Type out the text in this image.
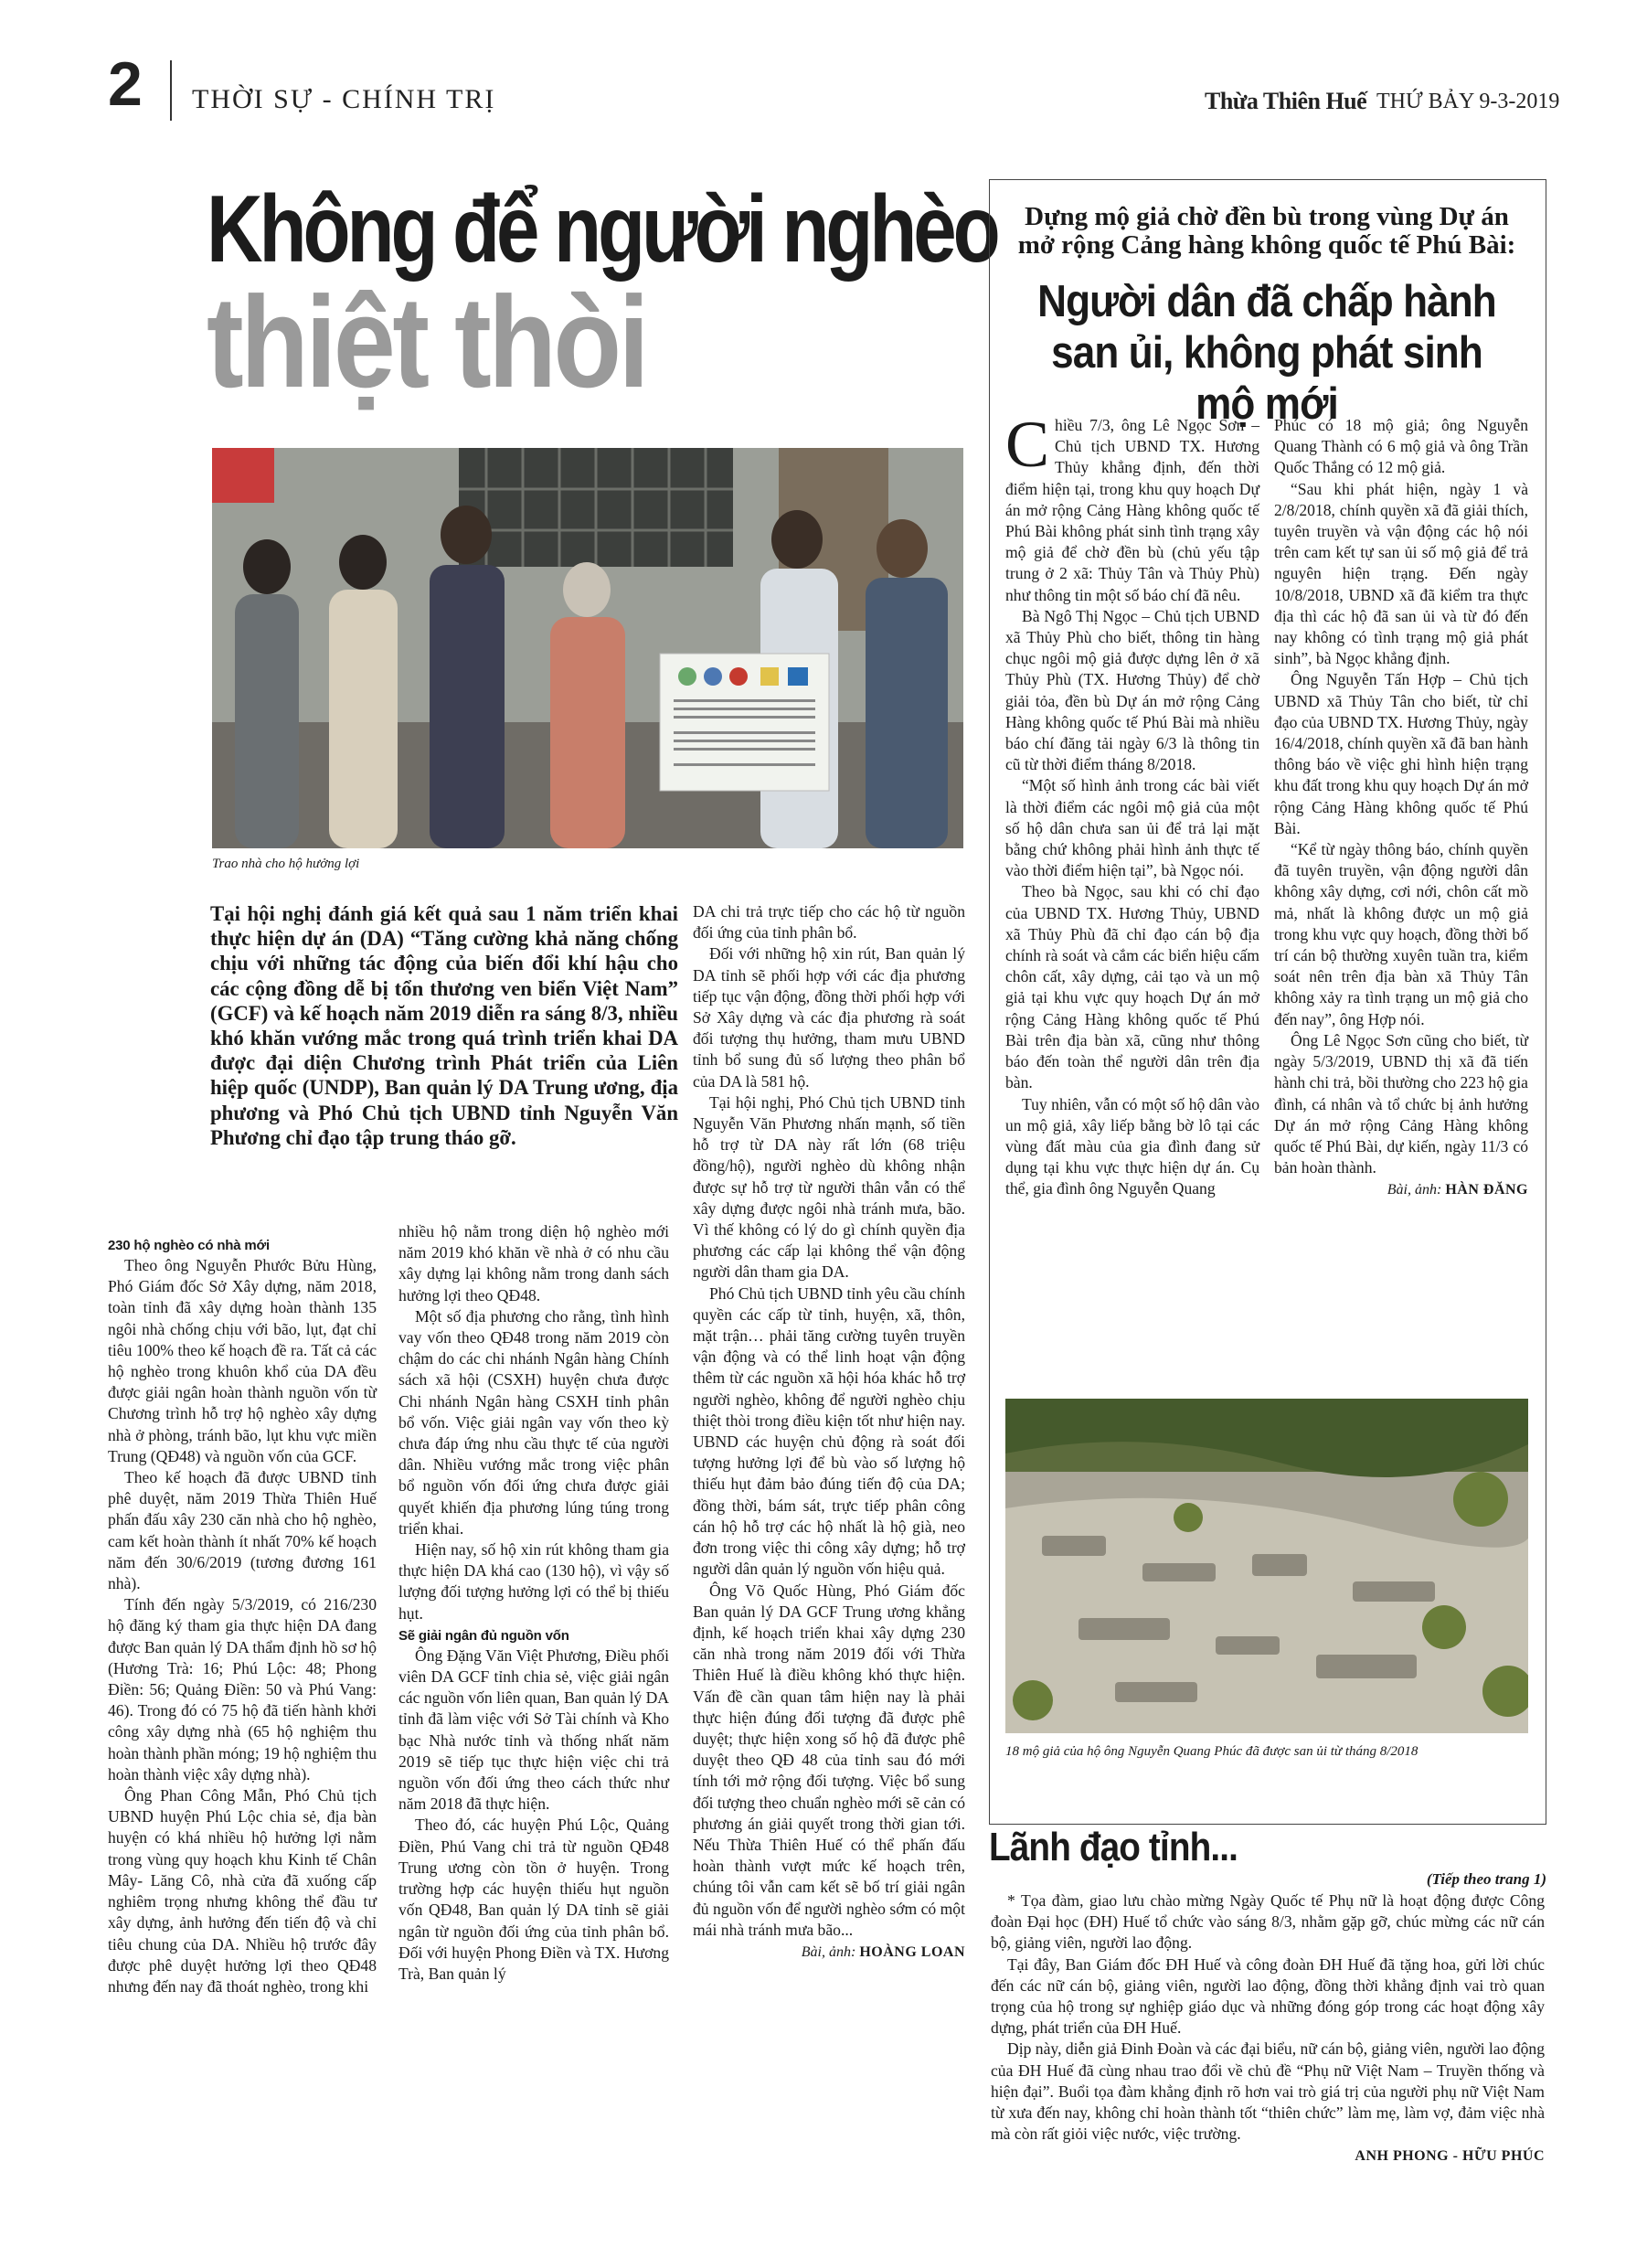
2 THỜI SỰ - CHÍNH TRỊ	Thừa Thiên Huế THỨ BẢY 9-3-2019
Không để người nghèo
thiệt thòi
Trao nhà cho hộ hưởng lợi
Tại hội nghị đánh giá kết quả sau 1 năm triển khai thực hiện dự án (DA) “Tăng cường khả năng chống chịu với những tác động của biến đổi khí hậu cho các cộng đồng dễ bị tổn thương ven biển Việt Nam” (GCF) và kế hoạch năm 2019 diễn ra sáng 8/3, nhiều khó khăn vướng mắc trong quá trình triển khai DA được đại diện Chương trình Phát triển của Liên hiệp quốc (UNDP), Ban quản lý DA Trung ương, địa phương và Phó Chủ tịch UBND tỉnh Nguyễn Văn Phương chỉ đạo tập trung tháo gỡ.

DA chi trả trực tiếp cho các hộ từ nguồn đối ứng của tỉnh phân bổ.

Đối với những hộ xin rút, Ban quản lý DA tỉnh sẽ phối hợp với các địa phương tiếp tục vận động, đồng thời phối hợp với Sở Xây dựng và các địa phương rà soát đối tượng thụ hưởng, tham mưu UBND tỉnh bổ sung đủ số lượng theo phân bổ của DA là 581 hộ.

Tại hội nghị, Phó Chủ tịch UBND tỉnh Nguyễn Văn Phương nhấn mạnh, số tiền hỗ trợ từ DA này rất lớn (68 triệu đồng/hộ), người nghèo dù không nhận được sự hỗ trợ từ người thân vẫn có thể xây dựng được ngôi nhà tránh mưa, bão. Vì thế không có lý do gì chính quyền địa phương các cấp lại không thể vận động người dân tham gia DA.

Phó Chủ tịch UBND tỉnh yêu cầu chính quyền các cấp từ tỉnh, huyện, xã, thôn, mặt trận… phải tăng cường tuyên truyền vận động và có thể linh hoạt vận động thêm từ các nguồn xã hội hóa khác hỗ trợ người nghèo, không để người nghèo chịu thiệt thòi trong điều kiện tốt như hiện nay. UBND các huyện chủ động rà soát đối tượng hưởng lợi để bù vào số lượng hộ thiếu hụt đảm bảo đúng tiến độ của DA; đồng thời, bám sát, trực tiếp phân công cán hộ hỗ trợ các hộ nhất là hộ già, neo đơn trong việc thi công xây dựng; hỗ trợ người dân quản lý nguồn vốn hiệu quả.

Ông Võ Quốc Hùng, Phó Giám đốc Ban quản lý DA GCF Trung ương khẳng định, kế hoạch triển khai xây dựng 230 căn nhà trong năm 2019 đối với Thừa Thiên Huế là điều không khó thực hiện. Vấn đề cần quan tâm hiện nay là phải thực hiện đúng đối tượng đã được phê duyệt; thực hiện xong số hộ đã được phê duyệt theo QĐ 48 của tỉnh sau đó mới tính tới mở rộng đối tượng. Việc bổ sung đối tượng theo chuẩn nghèo mới sẽ cản có phương án giải quyết trong thời gian tới. Nếu Thừa Thiên Huế có thể phấn đấu hoàn thành vượt mức kế hoạch trên, chúng tôi vẫn cam kết sẽ bố trí giải ngân đủ nguồn vốn để người nghèo sớm có một mái nhà tránh mưa bão...

Bài, ảnh: HOÀNG LOAN
230 hộ nghèo có nhà mới

Theo ông Nguyễn Phước Bửu Hùng, Phó Giám đốc Sở Xây dựng, năm 2018, toàn tỉnh đã xây dựng hoàn thành 135 ngôi nhà chống chịu với bão, lụt, đạt chỉ tiêu 100% theo kế hoạch đề ra. Tất cả các hộ nghèo trong khuôn khổ của DA đều được giải ngân hoàn thành nguồn vốn từ Chương trình hỗ trợ hộ nghèo xây dựng nhà ở phòng, tránh bão, lụt khu vực miền Trung (QĐ48) và nguồn vốn của GCF.

Theo kế hoạch đã được UBND tỉnh phê duyệt, năm 2019 Thừa Thiên Huế phấn đấu xây 230 căn nhà cho hộ nghèo, cam kết hoàn thành ít nhất 70% kế hoạch năm đến 30/6/2019 (tương đương 161 nhà).

Tính đến ngày 5/3/2019, có 216/230 hộ đăng ký tham gia thực hiện DA đang được Ban quản lý DA thẩm định hồ sơ hộ (Hương Trà: 16; Phú Lộc: 48; Phong Điền: 56; Quảng Điền: 50 và Phú Vang: 46). Trong đó có 75 hộ đã tiến hành khởi công xây dựng nhà (65 hộ nghiệm thu hoàn thành phần móng; 19 hộ nghiệm thu hoàn thành việc xây dựng nhà).

Ông Phan Công Mẫn, Phó Chủ tịch UBND huyện Phú Lộc chia sẻ, địa bàn huyện có khá nhiều hộ hưởng lợi nằm trong vùng quy hoạch khu Kinh tế Chân Mây- Lăng Cô, nhà cửa đã xuống cấp nghiêm trọng nhưng không thể đầu tư xây dựng, ảnh hưởng đến tiến độ và chỉ tiêu chung của DA. Nhiều hộ trước đây được phê duyệt hưởng lợi theo QĐ48 nhưng đến nay đã thoát nghèo, trong khi

nhiều hộ nằm trong diện hộ nghèo mới năm 2019 khó khăn về nhà ở có nhu cầu xây dựng lại không nằm trong danh sách hưởng lợi theo QĐ48.

Một số địa phương cho rằng, tình hình vay vốn theo QĐ48 trong năm 2019 còn chậm do các chi nhánh Ngân hàng Chính sách xã hội (CSXH) huyện chưa được Chi nhánh Ngân hàng CSXH tỉnh phân bổ vốn. Việc giải ngân vay vốn theo kỳ chưa đáp ứng nhu cầu thực tế của người dân. Nhiều vướng mắc trong việc phân bổ nguồn vốn đối ứng chưa được giải quyết khiến địa phương lúng túng trong triển khai.

Hiện nay, số hộ xin rút không tham gia thực hiện DA khá cao (130 hộ), vì vậy số lượng đối tượng hưởng lợi có thể bị thiếu hụt.

Sẽ giải ngân đủ nguồn vốn

Ông Đặng Văn Việt Phương, Điều phối viên DA GCF tỉnh chia sẻ, việc giải ngân các nguồn vốn liên quan, Ban quản lý DA tỉnh đã làm việc với Sở Tài chính và Kho bạc Nhà nước tỉnh và thống nhất năm 2019 sẽ tiếp tục thực hiện việc chi trả nguồn vốn đối ứng theo cách thức như năm 2018 đã thực hiện.

Theo đó, các huyện Phú Lộc, Quảng Điền, Phú Vang chi trả từ nguồn QĐ48 Trung ương còn tồn ở huyện. Trong trường hợp các huyện thiếu hụt nguồn vốn QĐ48, Ban quản lý DA tỉnh sẽ giải ngân từ nguồn đối ứng của tỉnh phân bổ. Đối với huyện Phong Điền và TX. Hương Trà, Ban quản lý

Dựng mộ giả chờ đền bù trong vùng Dự án mở rộng Cảng hàng không quốc tế Phú Bài:
Người dân đã chấp hành san ủi, không phát sinh mộ mới

Chiều 7/3, ông Lê Ngọc Sơn – Chủ tịch UBND TX. Hương Thủy khẳng định, đến thời điểm hiện tại, trong khu quy hoạch Dự án mở rộng Cảng Hàng không quốc tế Phú Bài không phát sinh tình trạng xây mộ giả để chờ đền bù (chủ yếu tập trung ở 2 xã: Thủy Tân và Thủy Phù) như thông tin một số báo chí đã nêu.

Bà Ngô Thị Ngọc – Chủ tịch UBND xã Thủy Phù cho biết, thông tin hàng chục ngôi mộ giả được dựng lên ở xã Thủy Phù (TX. Hương Thủy) để chờ giải tỏa, đền bù Dự án mở rộng Cảng Hàng không quốc tế Phú Bài mà nhiều báo chí đăng tải ngày 6/3 là thông tin cũ từ thời điểm tháng 8/2018.

“Một số hình ảnh trong các bài viết là thời điểm các ngôi mộ giả của một số hộ dân chưa san ủi để trả lại mặt bằng chứ không phải hình ảnh thực tế vào thời điểm hiện tại”, bà Ngọc nói.

Theo bà Ngọc, sau khi có chỉ đạo của UBND TX. Hương Thủy, UBND xã Thủy Phù đã chỉ đạo cán bộ địa chính rà soát và cắm các biển hiệu cấm chôn cất, xây dựng, cải tạo và un mộ giả tại khu vực quy hoạch Dự án mở rộng Cảng Hàng không quốc tế Phú Bài trên địa bàn xã, cũng như thông báo đến toàn thể người dân trên địa bàn.

Tuy nhiên, vẫn có một số hộ dân vào un mộ giả, xây liếp bằng bờ lô tại các vùng đất màu của gia đình đang sử dụng tại khu vực thực hiện dự án. Cụ thể, gia đình ông Nguyễn Quang

Phúc có 18 mộ giả; ông Nguyễn Quang Thành có 6 mộ giả và ông Trần Quốc Thắng có 12 mộ giả.

“Sau khi phát hiện, ngày 1 và 2/8/2018, chính quyền xã đã giải thích, tuyên truyền và vận động các hộ nói trên cam kết tự san ủi số mộ giả để trả nguyên hiện trạng. Đến ngày 10/8/2018, UBND xã đã kiểm tra thực địa thì các hộ đã san ủi và từ đó đến nay không có tình trạng mộ giả phát sinh”, bà Ngọc khẳng định.

Ông Nguyễn Tấn Hợp – Chủ tịch UBND xã Thủy Tân cho biết, từ chỉ đạo của UBND TX. Hương Thủy, ngày 16/4/2018, chính quyền xã đã ban hành thông báo về việc ghi hình hiện trạng khu đất trong khu quy hoạch Dự án mở rộng Cảng Hàng không quốc tế Phú Bài.

“Kể từ ngày thông báo, chính quyền đã tuyên truyền, vận động người dân không xây dựng, cơi nới, chôn cất mồ mả, nhất là không được un mộ giả trong khu vực quy hoạch, đồng thời bố trí cán bộ thường xuyên tuần tra, kiểm soát nên trên địa bàn xã Thủy Tân không xảy ra tình trạng un mộ giả cho đến nay”, ông Hợp nói.

Ông Lê Ngọc Sơn cũng cho biết, từ ngày 5/3/2019, UBND thị xã đã tiến hành chi trả, bồi thường cho 223 hộ gia đình, cá nhân và tổ chức bị ảnh hưởng Dự án mở rộng Cảng Hàng không quốc tế Phú Bài, dự kiến, ngày 11/3 có bản hoàn thành.

Bài, ảnh: HÀN ĐĂNG
18 mộ giả của hộ ông Nguyễn Quang Phúc đã được san ủi từ tháng 8/2018
Lãnh đạo tỉnh...
(Tiếp theo trang 1)

* Tọa đàm, giao lưu chào mừng Ngày Quốc tế Phụ nữ là hoạt động được Công đoàn Đại học (ĐH) Huế tổ chức vào sáng 8/3, nhằm gặp gỡ, chúc mừng các nữ cán bộ, giảng viên, người lao động.

Tại đây, Ban Giám đốc ĐH Huế và công đoàn ĐH Huế đã tặng hoa, gửi lời chúc đến các nữ cán bộ, giảng viên, người lao động, đồng thời khẳng định vai trò quan trọng của hộ trong sự nghiệp giáo dục và những đóng góp trong các hoạt động xây dựng, phát triển của ĐH Huế.

Dịp này, diễn giả Đinh Đoàn và các đại biểu, nữ cán bộ, giảng viên, người lao động của ĐH Huế đã cùng nhau trao đổi về chủ đề “Phụ nữ Việt Nam – Truyền thống và hiện đại”. Buổi tọa đàm khẳng định rõ hơn vai trò giá trị của người phụ nữ Việt Nam từ xưa đến nay, không chỉ hoàn thành tốt “thiên chức” làm mẹ, làm vợ, đảm việc nhà mà còn rất giỏi việc nước, việc trường.

ANH PHONG - HỮU PHÚC
